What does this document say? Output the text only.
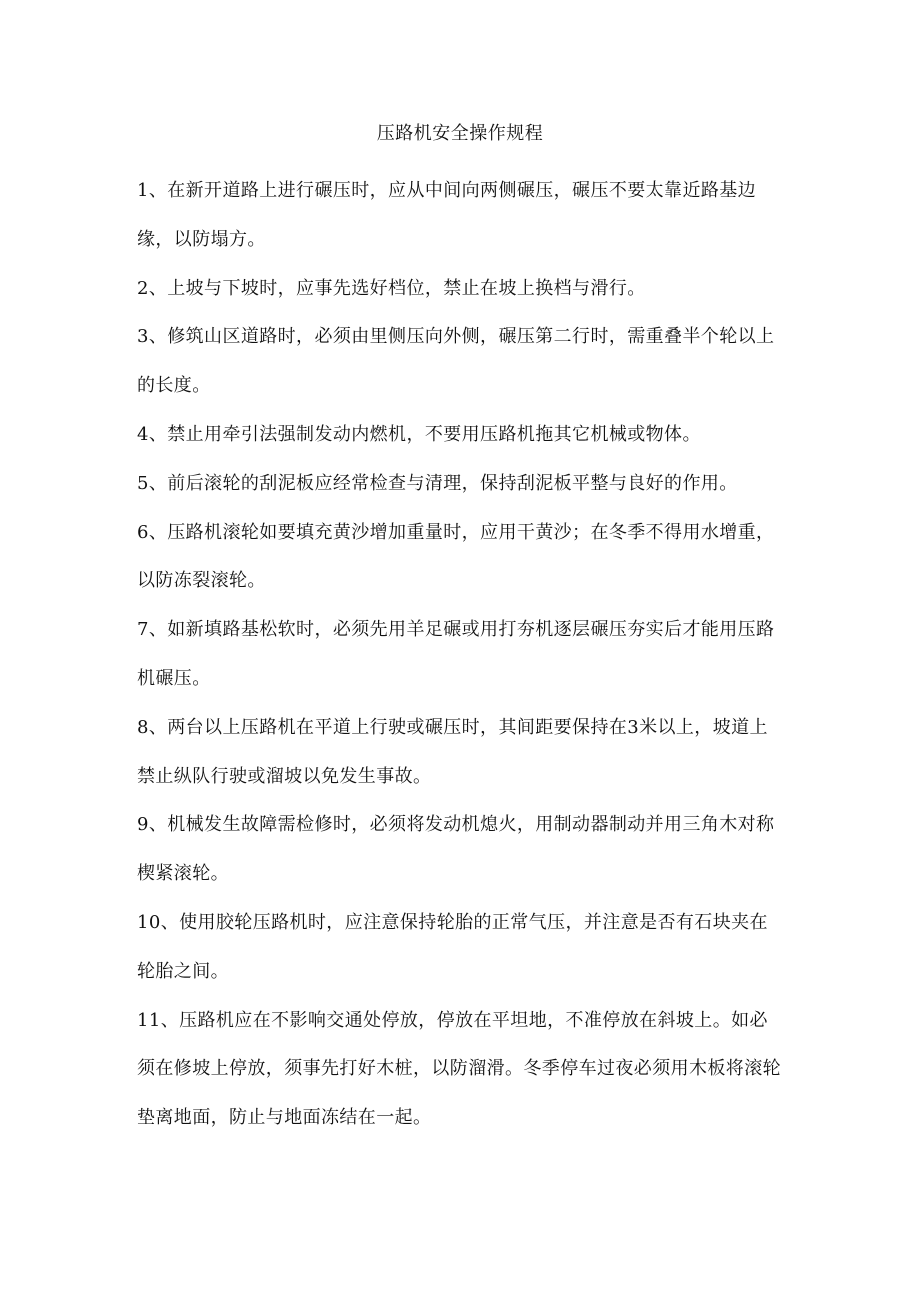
压路机安全操作规程
1、在新开道路上进行碾压时，应从中间向两侧碾压，碾压不要太靠近路基边缘，以防塌方。
2、上坡与下坡时，应事先选好档位，禁止在坡上换档与滑行。
3、修筑山区道路时，必须由里侧压向外侧，碾压第二行时，需重叠半个轮以上的长度。
4、禁止用牵引法强制发动内燃机，不要用压路机拖其它机械或物体。
5、前后滚轮的刮泥板应经常检查与清理，保持刮泥板平整与良好的作用。
6、压路机滚轮如要填充黄沙增加重量时，应用干黄沙；在冬季不得用水增重，以防冻裂滚轮。
7、如新填路基松软时，必须先用羊足碾或用打夯机逐层碾压夯实后才能用压路机碾压。
8、两台以上压路机在平道上行驶或碾压时，其间距要保持在3米以上，坡道上禁止纵队行驶或溜坡以免发生事故。
9、机械发生故障需检修时，必须将发动机熄火，用制动器制动并用三角木对称楔紧滚轮。
10、使用胶轮压路机时，应注意保持轮胎的正常气压，并注意是否有石块夹在轮胎之间。
11、压路机应在不影响交通处停放，停放在平坦地，不准停放在斜坡上。如必须在修坡上停放，须事先打好木桩，以防溜滑。冬季停车过夜必须用木板将滚轮垫离地面，防止与地面冻结在一起。
